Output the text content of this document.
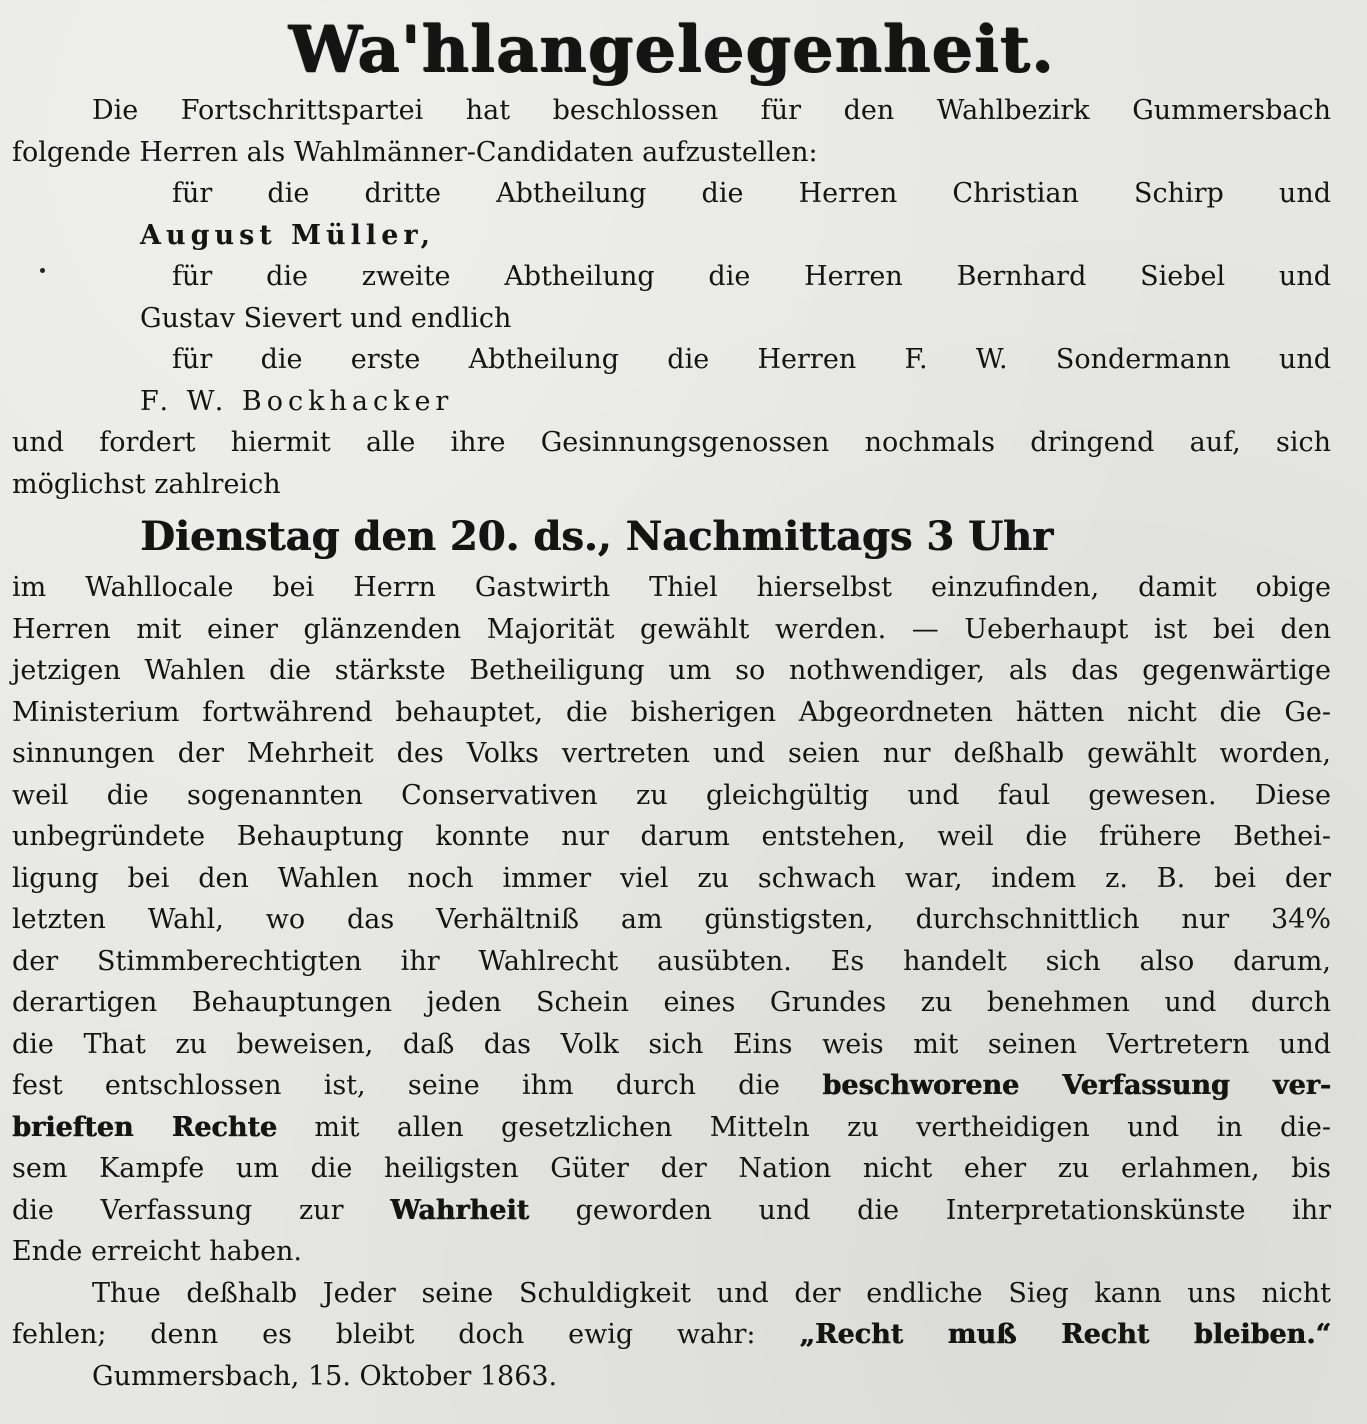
Wa'hlangelegenheit.
Die Fortschrittspartei hat beschlossen für den Wahlbezirk Gummersbach
folgende Herren als Wahlmänner-Candidaten aufzustellen:
für die dritte Abtheilung die Herren Christian Schirp und
August Müller,
für die zweite Abtheilung die Herren Bernhard Siebel und
Gustav Sievert und endlich
für die erste Abtheilung die Herren F. W. Sondermann und
F. W. Bockhacker
und fordert hiermit alle ihre Gesinnungsgenossen nochmals dringend auf, sich
möglichst zahlreich
Dienstag den 20. ds., Nachmittags 3 Uhr
im Wahllocale bei Herrn Gastwirth Thiel hierselbst einzufinden, damit obige
Herren mit einer glänzenden Majorität gewählt werden. — Ueberhaupt ist bei den
jetzigen Wahlen die stärkste Betheiligung um so nothwendiger, als das gegenwärtige
Ministerium fortwährend behauptet, die bisherigen Abgeordneten hätten nicht die Ge-
sinnungen der Mehrheit des Volks vertreten und seien nur deßhalb gewählt worden,
weil die sogenannten Conservativen zu gleichgültig und faul gewesen. Diese
unbegründete Behauptung konnte nur darum entstehen, weil die frühere Bethei-
ligung bei den Wahlen noch immer viel zu schwach war, indem z. B. bei der
letzten Wahl, wo das Verhältniß am günstigsten, durchschnittlich nur 34%
der Stimmberechtigten ihr Wahlrecht ausübten. Es handelt sich also darum,
derartigen Behauptungen jeden Schein eines Grundes zu benehmen und durch
die That zu beweisen, daß das Volk sich Eins weis mit seinen Vertretern und
fest entschlossen ist, seine ihm durch die beschworene Verfassung ver-
brieften Rechte mit allen gesetzlichen Mitteln zu vertheidigen und in die-
sem Kampfe um die heiligsten Güter der Nation nicht eher zu erlahmen, bis
die Verfassung zur Wahrheit geworden und die Interpretationskünste ihr
Ende erreicht haben.
Thue deßhalb Jeder seine Schuldigkeit und der endliche Sieg kann uns nicht
fehlen; denn es bleibt doch ewig wahr: „Recht muß Recht bleiben.“
Gummersbach, 15. Oktober 1863.
